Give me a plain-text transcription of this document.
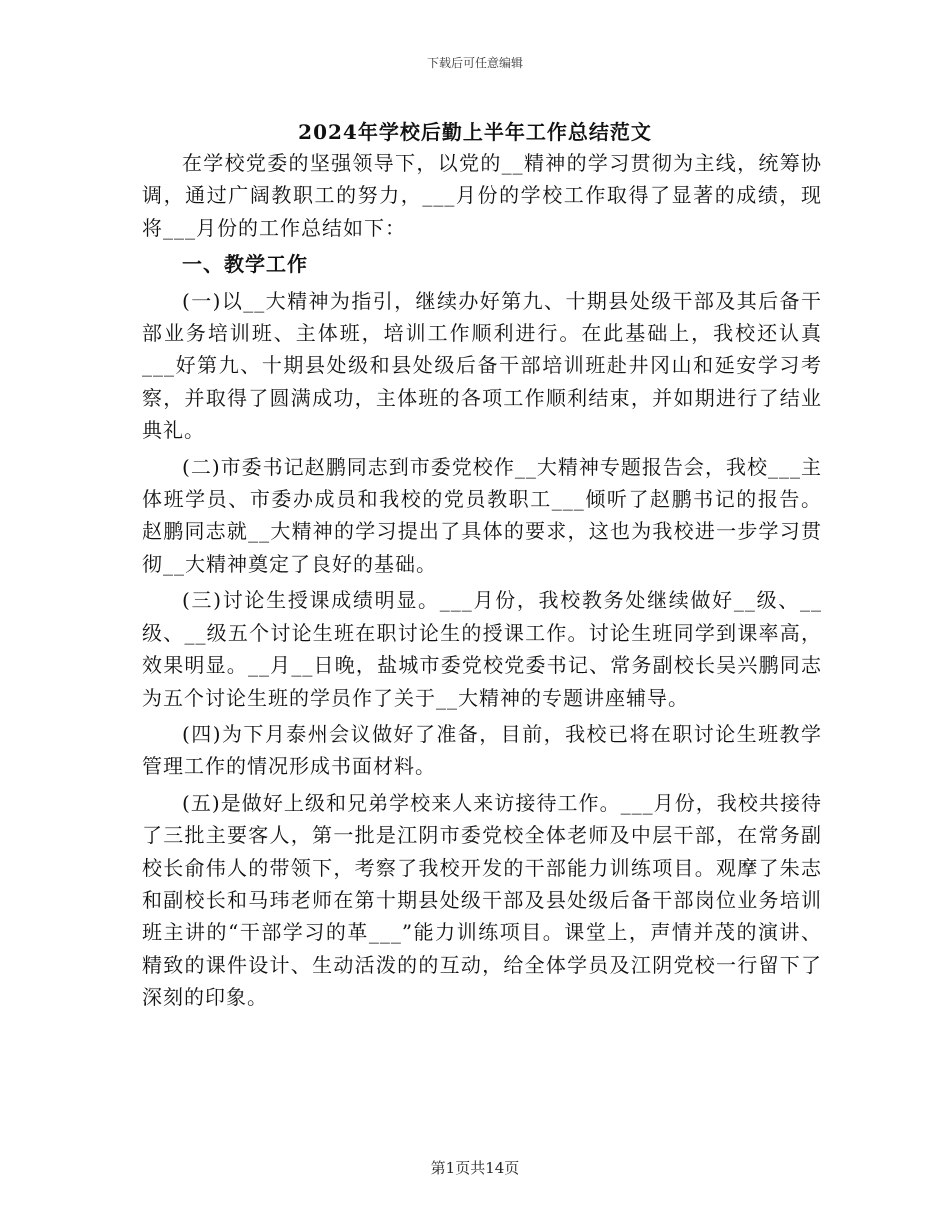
下载后可任意编辑
2024年学校后勤上半年工作总结范文

在学校党委的坚强领导下，以党的__精神的学习贯彻为主线，统筹协调，通过广阔教职工的努力，___月份的学校工作取得了显著的成绩，现将___月份的工作总结如下：

一、教学工作

(一)以__大精神为指引，继续办好第九、十期县处级干部及其后备干部业务培训班、主体班，培训工作顺利进行。在此基础上，我校还认真___好第九、十期县处级和县处级后备干部培训班赴井冈山和延安学习考察，并取得了圆满成功，主体班的各项工作顺利结束，并如期进行了结业典礼。

(二)市委书记赵鹏同志到市委党校作__大精神专题报告会，我校___主体班学员、市委办成员和我校的党员教职工___倾听了赵鹏书记的报告。赵鹏同志就__大精神的学习提出了具体的要求，这也为我校进一步学习贯彻__大精神奠定了良好的基础。

(三)讨论生授课成绩明显。___月份，我校教务处继续做好__级、__级、__级五个讨论生班在职讨论生的授课工作。讨论生班同学到课率高，效果明显。__月__日晚，盐城市委党校党委书记、常务副校长吴兴鹏同志为五个讨论生班的学员作了关于__大精神的专题讲座辅导。

(四)为下月泰州会议做好了准备，目前，我校已将在职讨论生班教学管理工作的情况形成书面材料。

(五)是做好上级和兄弟学校来人来访接待工作。___月份，我校共接待了三批主要客人，第一批是江阴市委党校全体老师及中层干部，在常务副校长俞伟人的带领下，考察了我校开发的干部能力训练项目。观摩了朱志和副校长和马玮老师在第十期县处级干部及县处级后备干部岗位业务培训班主讲的“干部学习的革___”能力训练项目。课堂上，声情并茂的演讲、精致的课件设计、生动活泼的的互动，给全体学员及江阴党校一行留下了深刻的印象。

第1页共14页
